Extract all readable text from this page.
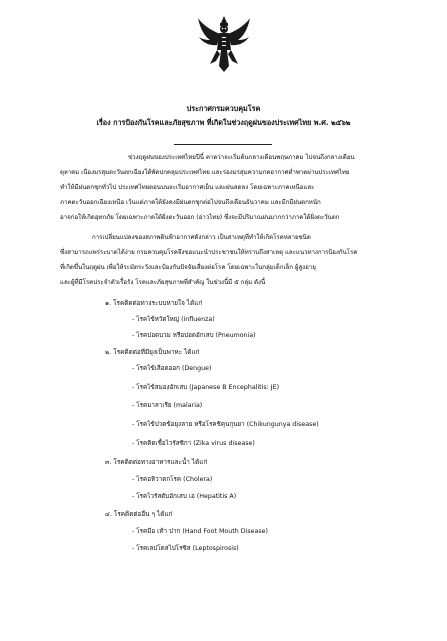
ประกาศกรมควบคุมโรค
เรื่อง การป้องกันโรคและภัยสุขภาพ ที่เกิดในช่วงฤดูฝนของประเทศไทย พ.ศ. ๒๕๖๒
ช่วงฤดูฝนของประเทศไทยปีนี้ คาดว่าจะเริ่มต้นกลางเดือนพฤษภาคม ไปจนถึงกลางเดือน
ตุลาคม เนื่องมรสุมตะวันตกเฉียงใต้พัดปกคลุมประเทศไทย และร่องมรสุมความกดอากาศต่ำพาดผ่านประเทศไทย
ทำให้มีฝนตกชุกทั่วไป ประเทศไทยตอนบนจะเริ่มอากาศเย็น และฝนลดลง โดยเฉพาะภาคเหนือและ
ภาคตะวันออกเฉียงเหนือ เว้นแต่ภาคใต้ยังคงมีฝนตกชุกต่อไปจนถึงเดือนธันวาคม และมีกมีฝนตกหนัก
อาจก่อให้เกิดอุทกภัย โดยเฉพาะภาคใต้ฝั่งตะวันออก (อ่าวไทย) ซึ่งจะมีปริมาณฝนมากกว่าภาคใต้ฝั่งตะวันตก
การเปลี่ยนแปลงของสภาพดินฟ้าอากาศดังกล่าว เป็นสาเหตุที่ทำให้เกิดโรคหลายชนิด
ซึ่งสามารถแพร่ระบาดได้ง่าย กรมควบคุมโรคจึงขอแนะนำประชาชนให้ทราบถึงสาเหตุ และแนวทางการป้องกันโรค
ที่เกิดขึ้นในฤดูฝน เพื่อให้ระมัดระวังและป้องกันปัจจัยเสี่ยงต่อโรค โดยเฉพาะในกลุ่มเด็กเล็ก ผู้สูงอายุ
และผู้ที่มีโรคประจำตัวเรื้อรัง โรคและภัยสุขภาพที่สำคัญ ในช่วงนี้มี ๕ กลุ่ม ดังนี้
๑. โรคติดต่อทางระบบหายใจ ได้แก่
- โรคไข้หวัดใหญ่ (influenza)
- โรคปอดบวม หรือปอดอักเสบ (Pneumonia)
๒. โรคติดต่อที่มียุงเป็นพาหะ ได้แก่
- โรคไข้เลือดออก (Dengue)
- โรคไข้สมองอักเสบ (Japanese B Encephalitis: JE)
- โรคมาลาเรีย (malaria)
- โรคไข้ปวดข้อยุงลาย หรือโรคชิคุนกุนยา (Chikungunya disease)
- โรคติดเชื้อไวรัสซิกา (Zika virus disease)
๓. โรคติดต่อทางอาหารและน้ำ ได้แก่
- โรคอหิวาตกโรค (Cholera)
- โรคไวรัสตับอักเสบ เอ (Hepatitis A)
๔. โรคติดต่ออื่น ๆ ได้แก่
- โรคมือ เท้า ปาก (Hand Foot Mouth Disease)
- โรคเลปโตสไปโรซิส (Leptospirosis)
